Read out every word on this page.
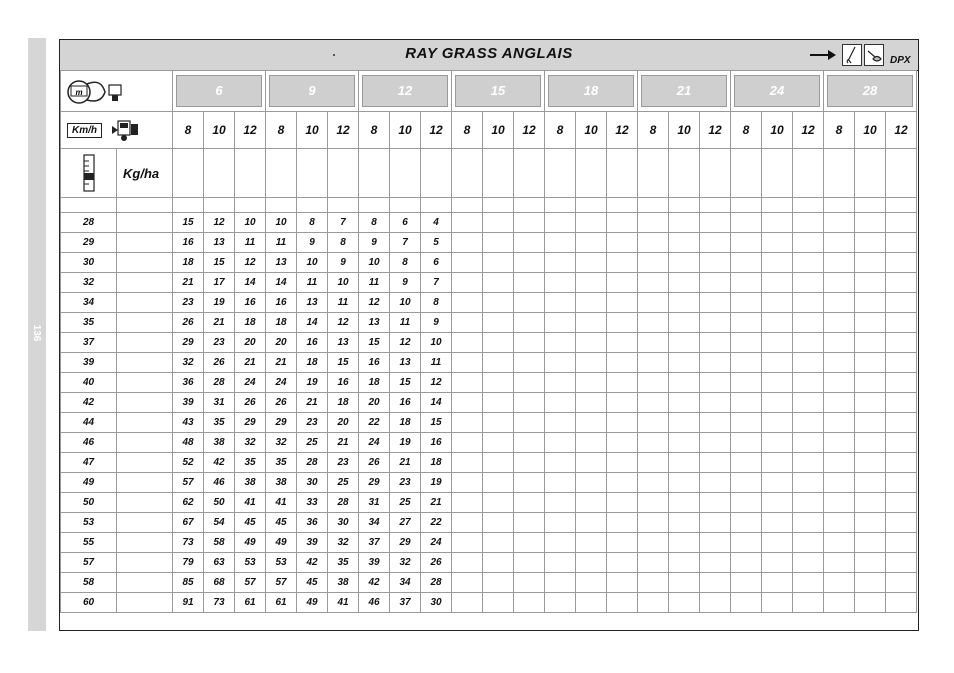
136
RAY GRASS ANGLAIS	DPX
m		6			9			12			15			18			21			24			28		

Km/h		8	10	12	8	10	12	8	10	12	8	10	12	8	10	12	8	10	12	8	10	12	8	10	12

	Kg/ha																								

28		15	12	10	10	8	7	8	6	4															
29		16	13	11	11	9	8	9	7	5															
30		18	15	12	13	10	9	10	8	6															
32		21	17	14	14	11	10	11	9	7															
34		23	19	16	16	13	11	12	10	8															
35		26	21	18	18	14	12	13	11	9															
37		29	23	20	20	16	13	15	12	10															
39		32	26	21	21	18	15	16	13	11															
40		36	28	24	24	19	16	18	15	12															
42		39	31	26	26	21	18	20	16	14															
44		43	35	29	29	23	20	22	18	15															
46		48	38	32	32	25	21	24	19	16															
47		52	42	35	35	28	23	26	21	18															
49		57	46	38	38	30	25	29	23	19															
50		62	50	41	41	33	28	31	25	21															
53		67	54	45	45	36	30	34	27	22															
55		73	58	49	49	39	32	37	29	24															
57		79	63	53	53	42	35	39	32	26															
58		85	68	57	57	45	38	42	34	28															
60		91	73	61	61	49	41	46	37	30															
